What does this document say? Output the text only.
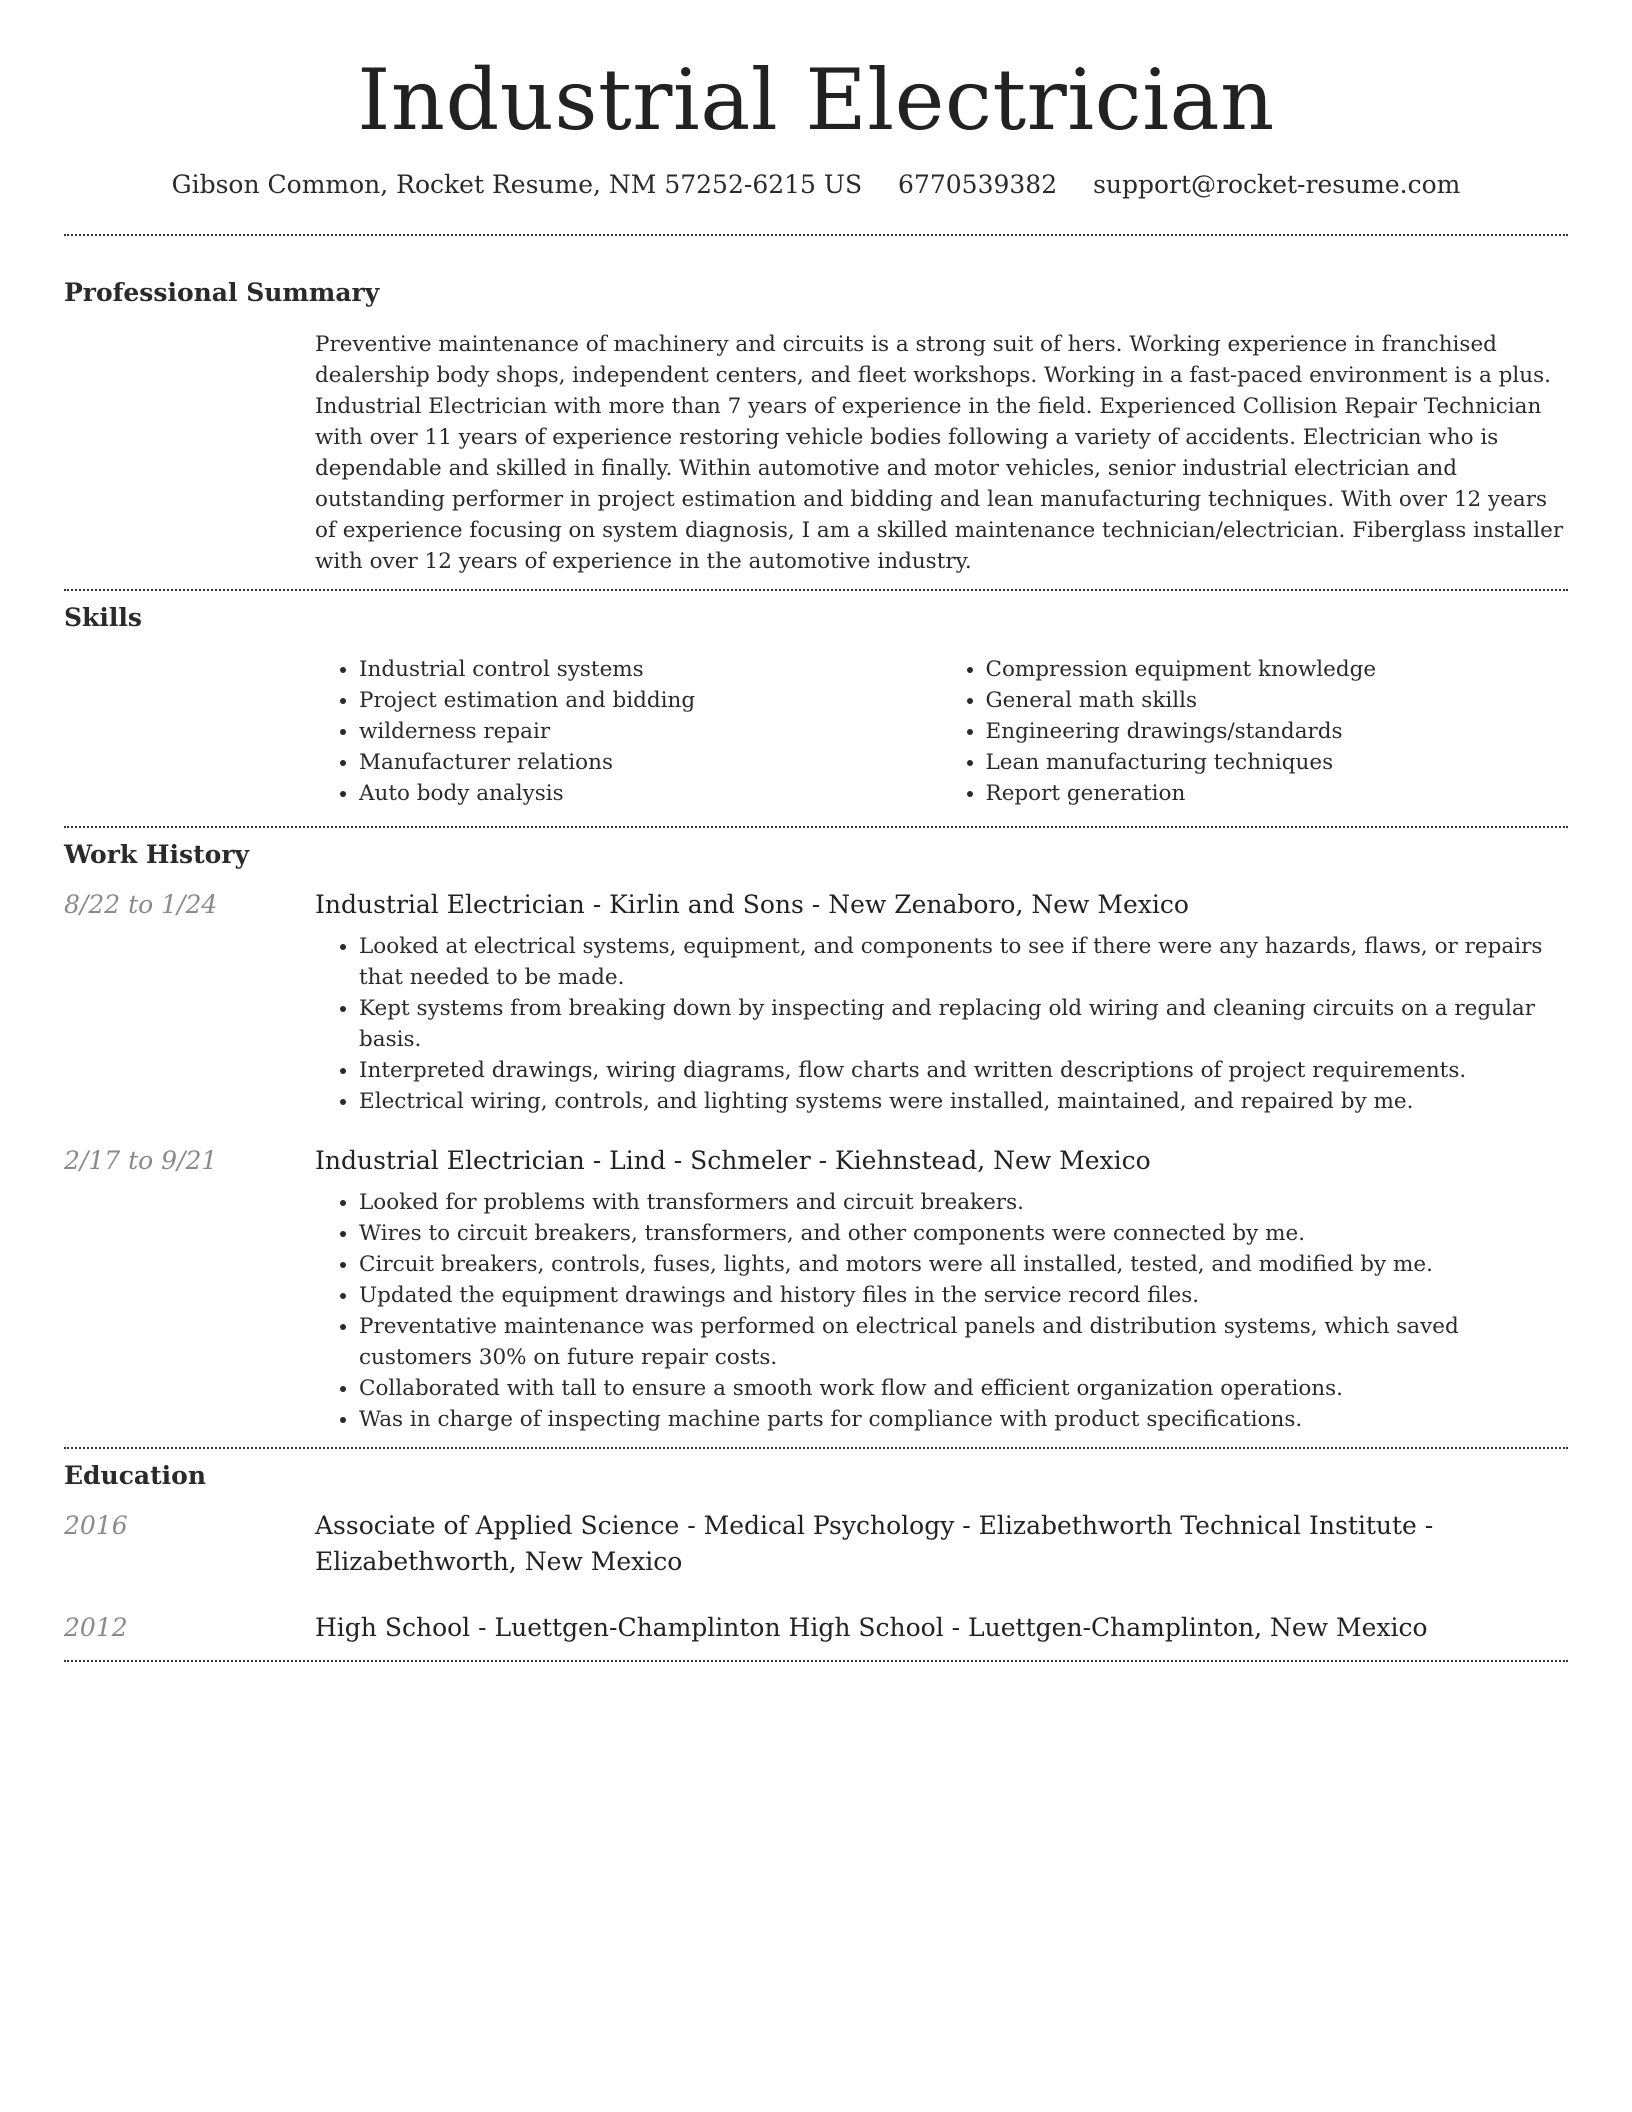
Industrial Electrician
Gibson Common, Rocket Resume, NM 57252-6215 US 6770539382 support@rocket-resume.com
Professional Summary

Preventive maintenance of machinery and circuits is a strong suit of hers. Working experience in franchised dealership body shops, independent centers, and fleet workshops. Working in a fast-paced environment is a plus. Industrial Electrician with more than 7 years of experience in the field. Experienced Collision Repair Technician with over 11 years of experience restoring vehicle bodies following a variety of accidents. Electrician who is dependable and skilled in finally. Within automotive and motor vehicles, senior industrial electrician and outstanding performer in project estimation and bidding and lean manufacturing techniques. With over 12 years of experience focusing on system diagnosis, I am a skilled maintenance technician/electrician. Fiberglass installer with over 12 years of experience in the automotive industry.

Skills
• Industrial control systems
• Project estimation and bidding
• wilderness repair
• Manufacturer relations
• Auto body analysis
• Compression equipment knowledge
• General math skills
• Engineering drawings/standards
• Lean manufacturing techniques
• Report generation
Work History
8/22 to 1/24	Industrial Electrician - Kirlin and Sons - New Zenaboro, New Mexico
• Looked at electrical systems, equipment, and components to see if there were any hazards, flaws, or repairs that needed to be made.
• Kept systems from breaking down by inspecting and replacing old wiring and cleaning circuits on a regular basis.
• Interpreted drawings, wiring diagrams, flow charts and written descriptions of project requirements.
• Electrical wiring, controls, and lighting systems were installed, maintained, and repaired by me.
2/17 to 9/21	Industrial Electrician - Lind - Schmeler - Kiehnstead, New Mexico
• Looked for problems with transformers and circuit breakers.
• Wires to circuit breakers, transformers, and other components were connected by me.
• Circuit breakers, controls, fuses, lights, and motors were all installed, tested, and modified by me.
• Updated the equipment drawings and history files in the service record files.
• Preventative maintenance was performed on electrical panels and distribution systems, which saved customers 30% on future repair costs.
• Collaborated with tall to ensure a smooth work flow and efficient organization operations.
• Was in charge of inspecting machine parts for compliance with product specifications.
Education
2016	Associate of Applied Science - Medical Psychology - Elizabethworth Technical Institute - Elizabethworth, New Mexico
2012	High School - Luettgen-Champlinton High School - Luettgen-Champlinton, New Mexico
